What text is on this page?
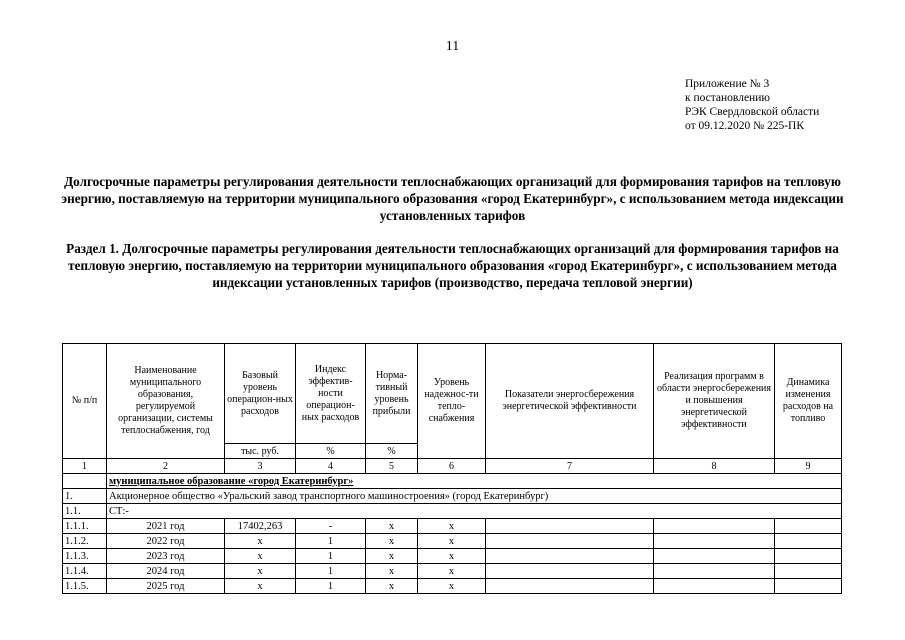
11
Приложение № 3
к постановлению
РЭК Свердловской области
от 09.12.2020 № 225-ПК
Долгосрочные параметры регулирования деятельности теплоснабжающих организаций для формирования тарифов на тепловую энергию, поставляемую на территории муниципального образования «город Екатеринбург», с использованием метода индексации установленных тарифов
Раздел 1. Долгосрочные параметры регулирования деятельности теплоснабжающих организаций для формирования тарифов на тепловую энергию, поставляемую на территории муниципального образования «город Екатеринбург», с использованием метода индексации установленных тарифов (производство, передача тепловой энергии)
№ п/п	Наименование муниципального образования, регулируемой организации, системы теплоснабжения, год	Базовый уровень операцион-ных расходов	Индекс эффектив-ности операцион-ных расходов	Норма-тивный уровень прибыли	Уровень надежнос-ти тепло-снабжения	Показатели энергосбережения энергетической эффективности	Реализация программ в области энергосбережения и повышения энергетической эффективности	Динамика изменения расходов на топливо
		тыс. руб.	%	%				
1	2	3	4	5	6	7	8	9
	муниципальное образование «город Екатеринбург»							
1.	Акционерное общество «Уральский завод транспортного машиностроения» (город Екатеринбург)							
1.1.	СТ:-							
1.1.1.	2021 год	17402,263	-	х	х			
1.1.2.	2022 год	х	1	х	х			
1.1.3.	2023 год	х	1	х	х			
1.1.4.	2024 год	х	1	х	х			
1.1.5.	2025 год	х	1	х	х			
